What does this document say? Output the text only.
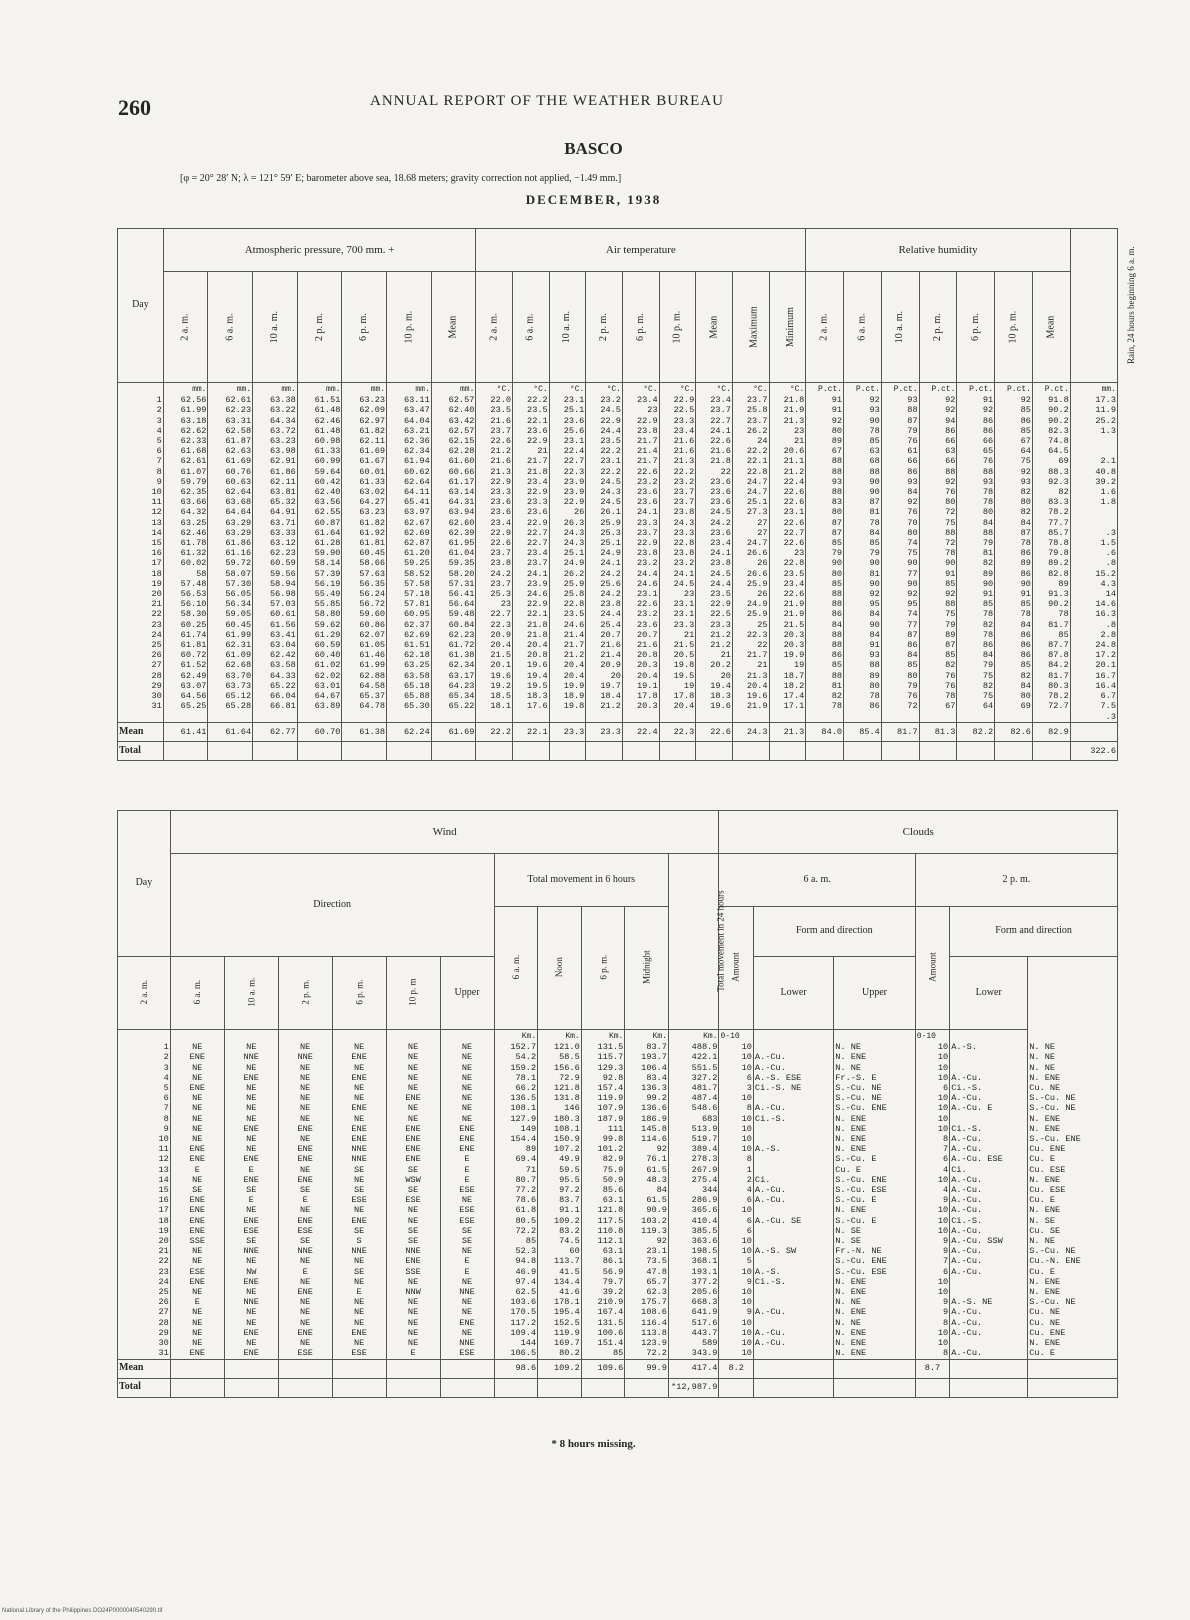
260	ANNUAL REPORT OF THE WEATHER BUREAU
BASCO
[φ = 20° 28′ N; λ = 121° 59′ E; barometer above sea, 18.68 meters; gravity correction not applied, −1.49 mm.]
DECEMBER, 1938
Day	Atmospheric pressure, 700 mm. +							Air temperature									Relative humidity							Rain, 24 hours beginning 6 a. m.
	2 a. m.	6 a. m.	10 a. m.	2 p. m.	6 p. m.	10 p. m.	Mean	2 a. m.	6 a. m.	10 a. m.	2 p. m.	6 p. m.	10 p. m.	Mean	Maximum	Minimum	2 a. m.	6 a. m.	10 a. m.	2 p. m.	6 p. m.	10 p. m.	Mean	
	mm.	mm.	mm.	mm.	mm.	mm.	mm.	°C.	°C.	°C.	°C.	°C.	°C.	°C.	°C.	°C.	P.ct.	P.ct.	P.ct.	P.ct.	P.ct.	P.ct.	P.ct.	mm.
1	62.56	62.61	63.38	61.51	63.23	63.11	62.57	22.0	22.2	23.1	23.2	23.4	22.9	23.4	23.7	21.8	91	92	93	92	91	92	91.8	17.3
2	61.99	62.23	63.22	61.48	62.09	63.47	62.40	23.5	23.5	25.1	24.5	23	22.5	23.7	25.8	21.9	91	93	88	92	92	85	90.2	11.9
3	63.18	63.31	64.34	62.46	62.97	64.04	63.42	21.6	22.1	23.6	22.9	22.9	23.3	22.7	23.7	21.3	92	90	87	94	86	86	90.2	25.2
4	62.62	62.58	63.72	61.48	61.82	63.21	62.57	23.7	23.6	25.6	24.4	23.8	23.4	24.1	26.2	23	80	78	79	86	86	85	82.3	1.3
5	62.33	61.87	63.23	60.98	62.11	62.36	62.15	22.6	22.9	23.1	23.5	21.7	21.6	22.6	24	21	89	85	76	66	66	67	74.8	
6	61.68	62.63	63.98	61.33	61.69	62.34	62.28	21.2	21	22.4	22.2	21.4	21.6	21.6	22.2	20.6	67	63	61	63	65	64	64.5	
7	62.61	61.69	62.91	60.99	61.67	61.94	61.60	21.6	21.7	22.7	23.1	21.7	21.3	21.8	22.1	21.1	88	68	66	66	76	75	69	2.1
8	61.07	60.76	61.86	59.64	60.01	60.62	60.66	21.3	21.8	22.3	22.2	22.6	22.2	22	22.8	21.2	88	88	86	88	88	92	88.3	40.8
9	59.79	60.63	62.11	60.42	61.33	62.64	61.17	22.9	23.4	23.9	24.5	23.2	23.2	23.6	24.7	22.4	93	90	93	92	93	93	92.3	39.2
10	62.35	62.64	63.81	62.40	63.02	64.11	63.14	23.3	22.9	23.9	24.3	23.6	23.7	23.6	24.7	22.6	88	90	84	76	78	82	82	1.6
11	63.66	63.68	65.32	63.56	64.27	65.41	64.31	23.6	23.3	22.9	24.5	23.6	23.7	23.6	25.1	22.6	83	87	92	80	78	80	83.3	1.8
12	64.32	64.64	64.91	62.55	63.23	63.97	63.94	23.6	23.6	26	26.1	24.1	23.8	24.5	27.3	23.1	80	81	76	72	80	82	78.2	
13	63.25	63.29	63.71	60.87	61.82	62.67	62.60	23.4	22.9	26.3	25.9	23.3	24.3	24.2	27	22.6	87	78	70	75	84	84	77.7	
14	62.46	63.29	63.33	61.64	61.92	62.69	62.39	22.9	22.7	24.3	25.3	23.7	23.3	23.6	27	22.7	87	84	80	88	88	87	85.7	.3
15	61.78	61.86	63.12	61.28	61.81	62.87	61.95	22.6	22.7	24.3	25.1	22.9	22.8	23.4	24.7	22.6	85	85	74	72	79	78	78.8	1.5
16	61.32	61.16	62.23	59.90	60.45	61.20	61.04	23.7	23.4	25.1	24.9	23.8	23.8	24.1	26.6	23	79	79	75	78	81	86	79.8	.6
17	60.02	59.72	60.59	58.14	58.66	59.25	59.35	23.8	23.7	24.9	24.1	23.2	23.2	23.8	26	22.8	90	90	90	90	82	89	89.2	.8
18	58	58.07	59.56	57.39	57.63	58.52	58.20	24.2	24.1	26.2	24.2	24.4	24.1	24.5	26.6	23.5	80	81	77	91	89	86	82.8	15.2
19	57.48	57.30	58.94	56.19	56.35	57.58	57.31	23.7	23.9	25.9	25.6	24.6	24.5	24.4	25.9	23.4	85	90	90	85	90	90	89	4.3
20	56.53	56.05	56.98	55.49	56.24	57.18	56.41	25.3	24.6	25.8	24.2	23.1	23	23.5	26	22.6	88	92	92	92	91	91	91.3	14
21	56.10	56.34	57.03	55.85	56.72	57.81	56.64	23	22.9	22.8	23.8	22.6	23.1	22.9	24.9	21.9	88	95	95	88	85	85	90.2	14.6
22	58.30	59.05	60.61	58.80	59.60	60.95	59.48	22.7	22.1	23.5	24.4	23.2	23.1	22.5	25.9	21.9	86	84	74	75	78	78	78	16.3
23	60.25	60.45	61.56	59.62	60.86	62.37	60.84	22.3	21.8	24.6	25.4	23.6	23.3	23.3	25	21.5	84	90	77	79	82	84	81.7	.8
24	61.74	61.99	63.41	61.29	62.07	62.69	62.23	20.9	21.8	21.4	20.7	20.7	21	21.2	22.3	20.3	88	84	87	89	78	86	85	2.8
25	61.81	62.31	63.04	60.59	61.05	61.51	61.72	20.4	20.4	21.7	21.6	21.6	21.5	21.2	22	20.3	88	91	86	87	86	86	87.7	24.8
26	60.72	61.09	62.42	60.40	61.46	62.18	61.38	21.5	20.8	21.2	21.4	20.8	20.5	21	21.7	19.9	86	93	84	85	84	86	87.8	17.2
27	61.52	62.68	63.58	61.02	61.99	63.25	62.34	20.1	19.6	20.4	20.9	20.3	19.8	20.2	21	19	85	88	85	82	79	85	84.2	20.1
28	62.49	63.70	64.33	62.02	62.88	63.58	63.17	19.6	19.4	20.4	20	20.4	19.5	20	21.3	18.7	88	89	80	76	75	82	81.7	16.7
29	63.07	63.73	65.22	63.01	64.58	65.18	64.23	19.2	19.5	19.9	19.7	19.1	19	19.4	20.4	18.2	81	80	79	76	82	84	80.3	16.4
30	64.56	65.12	66.04	64.67	65.37	65.88	65.34	18.5	18.3	18.9	18.4	17.8	17.8	18.3	19.6	17.4	82	78	76	78	75	80	78.2	6.7
31	65.25	65.28	66.81	63.89	64.78	65.30	65.22	18.1	17.6	19.8	21.2	20.3	20.4	19.6	21.9	17.1	78	86	72	67	64	69	72.7	7.5
																								.3
Mean	61.41	61.64	62.77	60.70	61.38	62.24	61.69	22.2	22.1	23.3	23.3	22.4	22.3	22.6	24.3	21.3	84.0	85.4	81.7	81.3	82.2	82.6	82.9	
Total																								322.6
Day	Wind											Clouds					
	Direction						Total movement in 6 hours				Total movement in 24 hours	6 a. m.			2 p. m.		
							6 a. m.	Noon	6 p. m.	Midnight		Amount	Form and direction		Amount	Form and direction	
2 a. m.	6 a. m.	10 a. m.	2 p. m.	6 p. m.	10 p. m	Upper							Lower	Upper		Lower	
							Km.	Km.	Km.	Km.	Km.	0-10			0-10		
1	NE	NE	NE	NE	NE	NE	152.7	121.0	131.5	83.7	488.9	10		N. NE	10	A.-S.	N. NE
2	ENE	NNE	NNE	ENE	NE	NE	54.2	58.5	115.7	193.7	422.1	10	A.-Cu.	N. ENE	10		N. NE
3	NE	NE	NE	NE	NE	NE	159.2	156.6	129.3	106.4	551.5	10	A.-Cu.	N. NE	10		N. NE
4	NE	ENE	NE	ENE	NE	NE	78.1	72.9	92.8	83.4	327.2	6	A.-S. ESE	Fr.-S. E	10	A.-Cu.	N. ENE
5	ENE	NE	NE	NE	NE	NE	66.2	121.8	157.4	136.3	481.7	3	Ci.-S. NE	S.-Cu. NE	6	Ci.-S.	Cu. NE
6	NE	NE	NE	NE	ENE	NE	136.5	131.8	119.9	99.2	487.4	10		S.-Cu. NE	10	A.-Cu.	S.-Cu. NE
7	NE	NE	NE	ENE	NE	NE	108.1	146	107.9	136.6	548.6	8	A.-Cu.	S.-Cu. ENE	10	A.-Cu. E	S.-Cu. NE
8	NE	NE	NE	NE	NE	NE	127.9	180.3	187.9	186.9	683	10	Ci.-S.	N. ENE	10		N. ENE
9	NE	ENE	ENE	ENE	ENE	ENE	149	108.1	111	145.8	513.9	10		N. ENE	10	Ci.-S.	N. ENE
10	NE	NE	NE	ENE	ENE	ENE	154.4	150.9	99.8	114.6	519.7	10		N. ENE	8	A.-Cu.	S.-Cu. ENE
11	ENE	NE	ENE	NNE	ENE	ENE	89	107.2	101.2	92	389.4	10	A.-S.	N. ENE	7	A.-Cu.	Cu. ENE
12	ENE	ENE	ENE	NNE	ENE	E	69.4	49.9	82.9	76.1	278.3	8		S.-Cu. E	6	A.-Cu. ESE	Cu. E
13	E	E	NE	SE	SE	E	71	59.5	75.9	61.5	267.9	1		Cu. E	4	Ci.	Cu. ESE
14	NE	ENE	ENE	NE	WSW	E	80.7	95.5	50.9	48.3	275.4	2	Ci.	S.-Cu. ENE	10	A.-Cu.	N. ENE
15	SE	SE	SE	SE	SE	ESE	77.2	97.2	85.6	84	344	4	A.-Cu.	S.-Cu. ESE	4	A.-Cu.	Cu. ESE
16	ENE	E	E	ESE	ESE	NE	78.6	83.7	63.1	61.5	286.9	6	A.-Cu.	S.-Cu. E	9	A.-Cu.	Cu. E
17	ENE	NE	NE	NE	NE	ESE	61.8	91.1	121.8	90.9	365.6	10		N. ENE	10	A.-Cu.	N. ENE
18	ENE	ENE	ENE	ENE	NE	ESE	80.5	109.2	117.5	103.2	410.4	6	A.-Cu. SE	S.-Cu. E	10	Ci.-S.	N. SE
19	ENE	ESE	ESE	SE	SE	SE	72.2	83.2	110.8	119.3	385.5	6		N. SE	10	A.-Cu.	Cu. SE
20	SSE	SE	SE	S	SE	SE	85	74.5	112.1	92	363.6	10		N. SE	9	A.-Cu. SSW	N. NE
21	NE	NNE	NNE	NNE	NNE	NE	52.3	60	63.1	23.1	198.5	10	A.-S. SW	Fr.-N. NE	9	A.-Cu.	S.-Cu. NE
22	NE	NE	NE	NE	ENE	E	94.8	113.7	86.1	73.5	368.1	5		S.-Cu. ENE	7	A.-Cu.	Cu.-N. ENE
23	ESE	NW	E	SE	SSE	E	46.9	41.5	56.9	47.8	193.1	10	A.-S.	S.-Cu. ESE	6	A.-Cu.	Cu. E
24	ENE	ENE	NE	NE	NE	NE	97.4	134.4	79.7	65.7	377.2	9	Ci.-S.	N. ENE	10		N. ENE
25	NE	NE	ENE	E	NNW	NNE	62.5	41.6	39.2	62.3	205.6	10		N. ENE	10		N. ENE
26	E	NNE	NE	NE	NE	NE	103.6	178.1	210.9	175.7	668.3	10		N. NE	9	A.-S. NE	S.-Cu. NE
27	NE	NE	NE	NE	NE	NE	170.5	195.4	167.4	108.6	641.9	9	A.-Cu.	N. ENE	9	A.-Cu.	Cu. NE
28	NE	NE	NE	NE	NE	ENE	117.2	152.5	131.5	116.4	517.6	10		N. NE	8	A.-Cu.	Cu. NE
29	NE	ENE	ENE	ENE	NE	NE	109.4	119.9	100.6	113.8	443.7	10	A.-Cu.	N. ENE	10	A.-Cu.	Cu. ENE
30	NE	NE	NE	NE	NE	NNE	144	169.7	151.4	123.9	589	10	A.-Cu.	N. ENE	10		N. ENE
31	ENE	ENE	ESE	ESE	E	ESE	106.5	80.2	85	72.2	343.9	10		N. ENE	8	A.-Cu.	Cu. E
Mean							98.6	109.2	109.6	99.9	417.4	8.2			8.7		
Total											*12,987.9						
* 8 hours missing.
National Library of the Philippines DO24P0000040540290.tif
